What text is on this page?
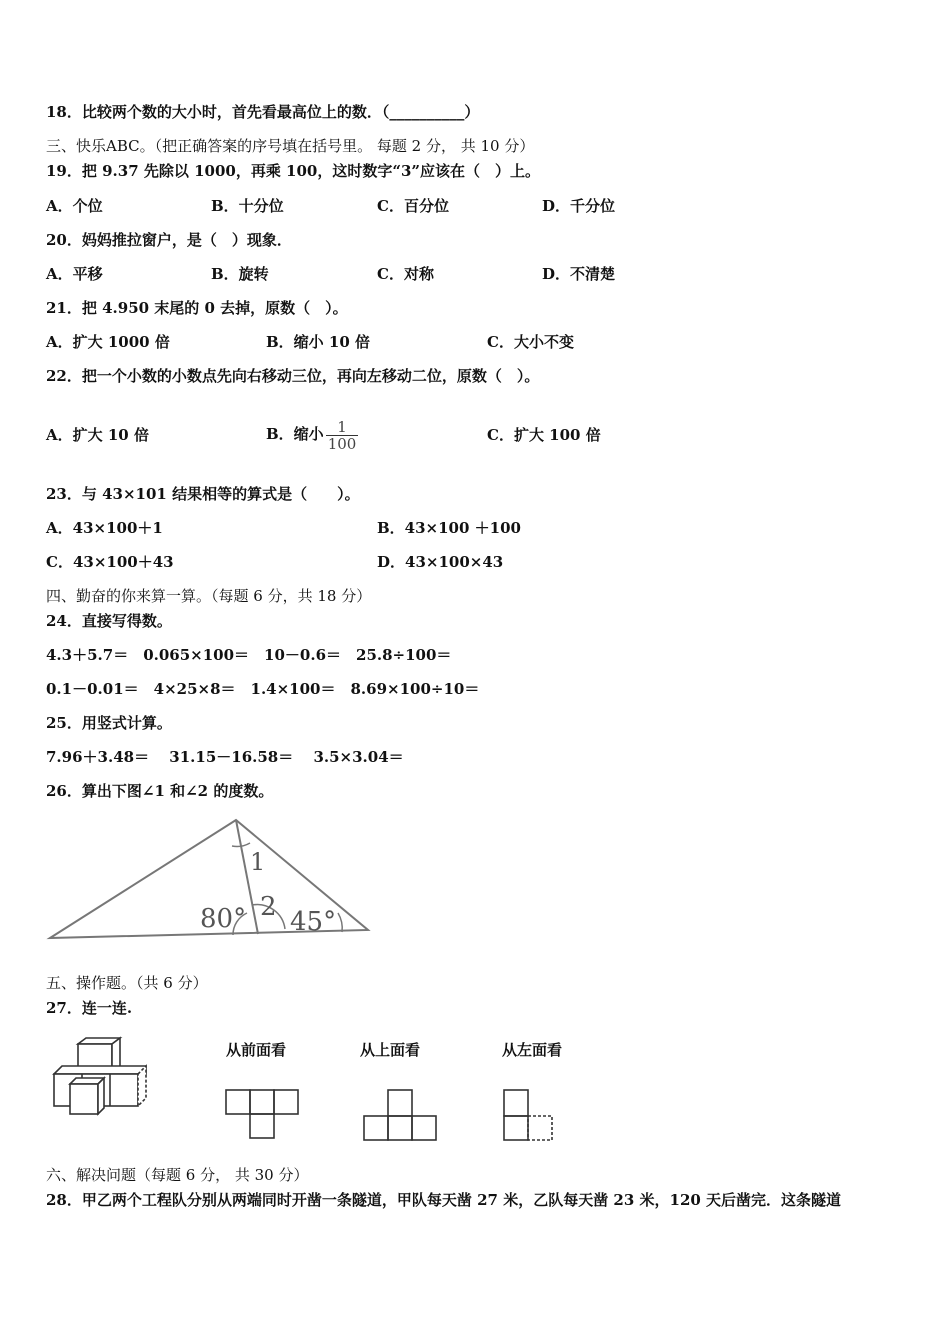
18．比较两个数的大小时，首先看最高位上的数．（__________）
三、快乐ABC。（把正确答案的序号填在括号里。 每题 2 分， 共 10 分）
19．把 9.37 先除以 1000，再乘 100，这时数字“3”应该在（　）上。
A．个位	B．十分位	C．百分位	D．千分位
20．妈妈推拉窗户，是（　）现象．
A．平移	B．旋转	C．对称	D．不清楚
21．把 4.950 末尾的 0 去掉，原数（　）。
A．扩大 1000 倍	B．缩小 10 倍	C．大小不变
22．把一个小数的小数点先向右移动三位，再向左移动二位，原数（　）。
A．扩大 10 倍	B．缩小 $\frac{1}{100}$	C．扩大 100 倍
23．与 43×101 结果相等的算式是（　　）。
A．43×100＋1	B．43×100 ＋100
C．43×100＋43	D．43×100×43
四、勤奋的你来算一算。（每题 6 分，共 18 分）
24．直接写得数。
4.3＋5.7＝　0.065×100＝　10－0.6＝　25.8÷100＝
0.1－0.01＝　4×25×8＝　1.4×100＝　8.69×100÷10＝
25．用竖式计算。
7.96＋3.48＝　 31.15－16.58＝　 3.5×3.04＝
26．算出下图∠1 和∠2 的度数。
1
2
80° 45°
五、操作题。（共 6 分）
27．连一连.
从前面看	从上面看	从左面看
六、解决问题（每题 6 分， 共 30 分）
28．甲乙两个工程队分别从两端同时开凿一条隧道，甲队每天凿 27 米，乙队每天凿 23 米，120 天后凿完．这条隧道
